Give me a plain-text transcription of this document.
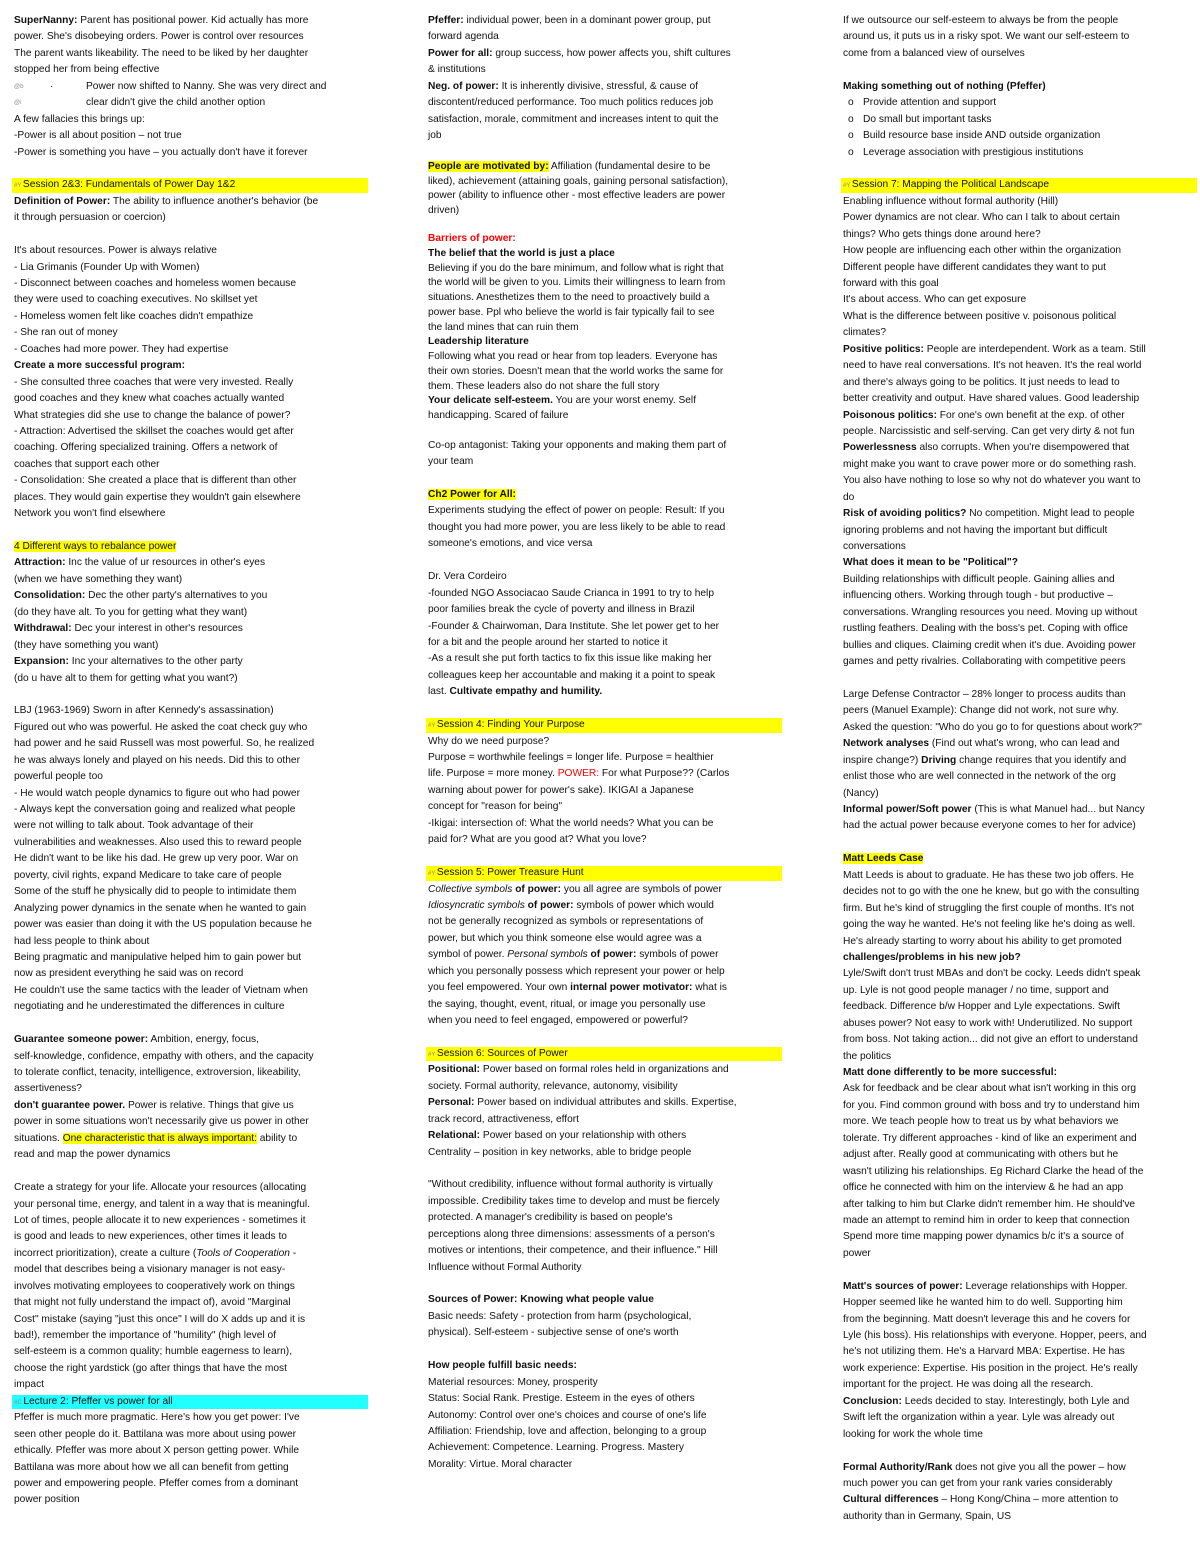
SuperNanny: Parent has positional power. Kid actually has more
power. She's disobeying orders. Power is control over resources
The parent wants likeability. The need to be liked by her daughter
stopped her from being effective
·
@b	Power now shifted to Nanny. She was very direct and
@i	clear didn't give the child another option
A few fallacies this brings up:
-Power is all about position – not true
-Power is something you have – you actually don't have it forever
#Y Session 2&3: Fundamentals of Power Day 1&2
Definition of Power: The ability to influence another's behavior (be
it through persuasion or coercion)
It's about resources. Power is always relative
- Lia Grimanis (Founder Up with Women)
- Disconnect between coaches and homeless women because
they were used to coaching executives. No skillset yet
- Homeless women felt like coaches didn't empathize
- She ran out of money
- Coaches had more power. They had expertise
Create a more successful program:
- She consulted three coaches that were very invested. Really
good coaches and they knew what coaches actually wanted
What strategies did she use to change the balance of power?
- Attraction: Advertised the skillset the coaches would get after
coaching. Offering specialized training. Offers a network of
coaches that support each other
- Consolidation: She created a place that is different than other
places. They would gain expertise they wouldn't gain elsewhere
Network you won't find elsewhere
4 Different ways to rebalance power
Attraction: Inc the value of ur resources in other's eyes
(when we have something they want)
Consolidation: Dec the other party's alternatives to you
(do they have alt. To you for getting what they want)
Withdrawal: Dec your interest in other's resources
(they have something you want)
Expansion: Inc your alternatives to the other party
(do u have alt to them for getting what you want?)
LBJ (1963-1969) Sworn in after Kennedy's assassination)
Figured out who was powerful. He asked the coat check guy who
had power and he said Russell was most powerful. So, he realized
he was always lonely and played on his needs. Did this to other
powerful people too
- He would watch people dynamics to figure out who had power
- Always kept the conversation going and realized what people
were not willing to talk about. Took advantage of their
vulnerabilities and weaknesses. Also used this to reward people
He didn't want to be like his dad. He grew up very poor. War on
poverty, civil rights, expand Medicare to take care of people
Some of the stuff he physically did to people to intimidate them
Analyzing power dynamics in the senate when he wanted to gain
power was easier than doing it with the US population because he
had less people to think about
Being pragmatic and manipulative helped him to gain power but
now as president everything he said was on record
He couldn't use the same tactics with the leader of Vietnam when
negotiating and he underestimated the differences in culture
Guarantee someone power: Ambition, energy, focus,
self-knowledge, confidence, empathy with others, and the capacity
to tolerate conflict, tenacity, intelligence, extroversion, likeability,
assertiveness?
don't guarantee power. Power is relative. Things that give us
power in some situations won't necessarily give us power in other
situations. One characteristic that is always important: ability to
read and map the power dynamics
Create a strategy for your life. Allocate your resources (allocating
your personal time, energy, and talent in a way that is meaningful.
Lot of times, people allocate it to new experiences - sometimes it
is good and leads to new experiences, other times it leads to
incorrect prioritization), create a culture (Tools of Cooperation -
model that describes being a visionary manager is not easy-
involves motivating employees to cooperatively work on things
that might not fully understand the impact of), avoid "Marginal
Cost" mistake (saying "just this once" I will do X adds up and it is
bad!), remember the importance of "humility" (high level of
self-esteem is a common quality; humble eagerness to learn),
choose the right yardstick (go after things that have the most
impact
#C Lecture 2: Pfeffer vs power for all
Pfeffer is much more pragmatic. Here's how you get power: I've
seen other people do it. Battilana was more about using power
ethically. Pfeffer was more about X person getting power. While
Battilana was more about how we all can benefit from getting
power and empowering people. Pfeffer comes from a dominant
power position
Pfeffer: individual power, been in a dominant power group, put
forward agenda
Power for all: group success, how power affects you, shift cultures
& institutions
Neg. of power: It is inherently divisive, stressful, & cause of
discontent/reduced performance. Too much politics reduces job
satisfaction, morale, commitment and increases intent to quit the
job
People are motivated by: Affiliation (fundamental desire to be
liked), achievement (attaining goals, gaining personal satisfaction),
power (ability to influence other - most effective leaders are power
driven)
Barriers of power:
The belief that the world is just a place
Believing if you do the bare minimum, and follow what is right that
the world will be given to you. Limits their willingness to learn from
situations. Anesthetizes them to the need to proactively build a
power base. Ppl who believe the world is fair typically fail to see
the land mines that can ruin them
Leadership literature
Following what you read or hear from top leaders. Everyone has
their own stories. Doesn't mean that the world works the same for
them. These leaders also do not share the full story
Your delicate self-esteem. You are your worst enemy. Self
handicapping. Scared of failure
Co-op antagonist: Taking your opponents and making them part of
your team
Ch2 Power for All:
Experiments studying the effect of power on people: Result: If you
thought you had more power, you are less likely to be able to read
someone's emotions, and vice versa
Dr. Vera Cordeiro
-founded NGO Associacao Saude Crianca in 1991 to try to help
poor families break the cycle of poverty and illness in Brazil
-Founder & Chairwoman, Dara Institute. She let power get to her
for a bit and the people around her started to notice it
-As a result she put forth tactics to fix this issue like making her
colleagues keep her accountable and making it a point to speak
last. Cultivate empathy and humility.
#Y Session 4: Finding Your Purpose
Why do we need purpose?
Purpose = worthwhile feelings = longer life. Purpose = healthier
life. Purpose = more money. POWER: For what Purpose?? (Carlos
warning about power for power's sake). IKIGAI a Japanese
concept for "reason for being"
-Ikigai: intersection of: What the world needs? What you can be
paid for? What are you good at? What you love?
#Y Session 5: Power Treasure Hunt
Collective symbols of power: you all agree are symbols of power
Idiosyncratic symbols of power: symbols of power which would
not be generally recognized as symbols or representations of
power, but which you think someone else would agree was a
symbol of power. Personal symbols of power: symbols of power
which you personally possess which represent your power or help
you feel empowered. Your own internal power motivator: what is
the saying, thought, event, ritual, or image you personally use
when you need to feel engaged, empowered or powerful?
#Y Session 6: Sources of Power
Positional: Power based on formal roles held in organizations and
society. Formal authority, relevance, autonomy, visibility
Personal: Power based on individual attributes and skills. Expertise,
track record, attractiveness, effort
Relational: Power based on your relationship with others
Centrality – position in key networks, able to bridge people
"Without credibility, influence without formal authority is virtually
impossible. Credibility takes time to develop and must be fiercely
protected. A manager's credibility is based on people's
perceptions along three dimensions: assessments of a person's
motives or intentions, their competence, and their influence." Hill
Influence without Formal Authority
Sources of Power: Knowing what people value
Basic needs: Safety - protection from harm (psychological,
physical). Self-esteem - subjective sense of one's worth
How people fulfill basic needs:
Material resources: Money, prosperity
Status: Social Rank. Prestige. Esteem in the eyes of others
Autonomy: Control over one's choices and course of one's life
Affiliation: Friendship, love and affection, belonging to a group
Achievement: Competence. Learning. Progress. Mastery
Morality: Virtue. Moral character
If we outsource our self-esteem to always be from the people
around us, it puts us in a risky spot. We want our self-esteem to
come from a balanced view of ourselves
Making something out of nothing (Pfeffer)
o Provide attention and support
o Do small but important tasks
o Build resource base inside AND outside organization
o Leverage association with prestigious institutions
#Y Session 7: Mapping the Political Landscape
Enabling influence without formal authority (Hill)
Power dynamics are not clear. Who can I talk to about certain
things? Who gets things done around here?
How people are influencing each other within the organization
Different people have different candidates they want to put
forward with this goal
It's about access. Who can get exposure
What is the difference between positive v. poisonous political
climates?
Positive politics: People are interdependent. Work as a team. Still
need to have real conversations. It's not heaven. It's the real world
and there's always going to be politics. It just needs to lead to
better creativity and output. Have shared values. Good leadership
Poisonous politics: For one's own benefit at the exp. of other
people. Narcissistic and self-serving. Can get very dirty & not fun
Powerlessness also corrupts. When you're disempowered that
might make you want to crave power more or do something rash.
You also have nothing to lose so why not do whatever you want to
do
Risk of avoiding politics? No competition. Might lead to people
ignoring problems and not having the important but difficult
conversations
What does it mean to be "Political"?
Building relationships with difficult people. Gaining allies and
influencing others. Working through tough - but productive –
conversations. Wrangling resources you need. Moving up without
rustling feathers. Dealing with the boss's pet. Coping with office
bullies and cliques. Claiming credit when it's due. Avoiding power
games and petty rivalries. Collaborating with competitive peers
Large Defense Contractor – 28% longer to process audits than
peers (Manuel Example): Change did not work, not sure why.
Asked the question: "Who do you go to for questions about work?"
Network analyses (Find out what's wrong, who can lead and
inspire change?) Driving change requires that you identify and
enlist those who are well connected in the network of the org
(Nancy)
Informal power/Soft power (This is what Manuel had... but Nancy
had the actual power because everyone comes to her for advice)
Matt Leeds Case
Matt Leeds is about to graduate. He has these two job offers. He
decides not to go with the one he knew, but go with the consulting
firm. But he's kind of struggling the first couple of months. It's not
going the way he wanted. He's not feeling like he's doing as well.
He's already starting to worry about his ability to get promoted
challenges/problems in his new job?
Lyle/Swift don't trust MBAs and don't be cocky. Leeds didn't speak
up. Lyle is not good people manager / no time, support and
feedback. Difference b/w Hopper and Lyle expectations. Swift
abuses power? Not easy to work with! Underutilized. No support
from boss. Not taking action... did not give an effort to understand
the politics
Matt done differently to be more successful:
Ask for feedback and be clear about what isn't working in this org
for you. Find common ground with boss and try to understand him
more. We teach people how to treat us by what behaviors we
tolerate. Try different approaches - kind of like an experiment and
adjust after. Really good at communicating with others but he
wasn't utilizing his relationships. Eg Richard Clarke the head of the
office he connected with him on the interview & he had an app
after talking to him but Clarke didn't remember him. He should've
made an attempt to remind him in order to keep that connection
Spend more time mapping power dynamics b/c it's a source of
power
Matt's sources of power: Leverage relationships with Hopper.
Hopper seemed like he wanted him to do well. Supporting him
from the beginning. Matt doesn't leverage this and he covers for
Lyle (his boss). His relationships with everyone. Hopper, peers, and
he's not utilizing them. He's a Harvard MBA: Expertise. He has
work experience: Expertise. His position in the project. He's really
important for the project. He was doing all the research.
Conclusion: Leeds decided to stay. Interestingly, both Lyle and
Swift left the organization within a year. Lyle was already out
looking for work the whole time
Formal Authority/Rank does not give you all the power – how
much power you can get from your rank varies considerably
Cultural differences – Hong Kong/China – more attention to
authority than in Germany, Spain, US
